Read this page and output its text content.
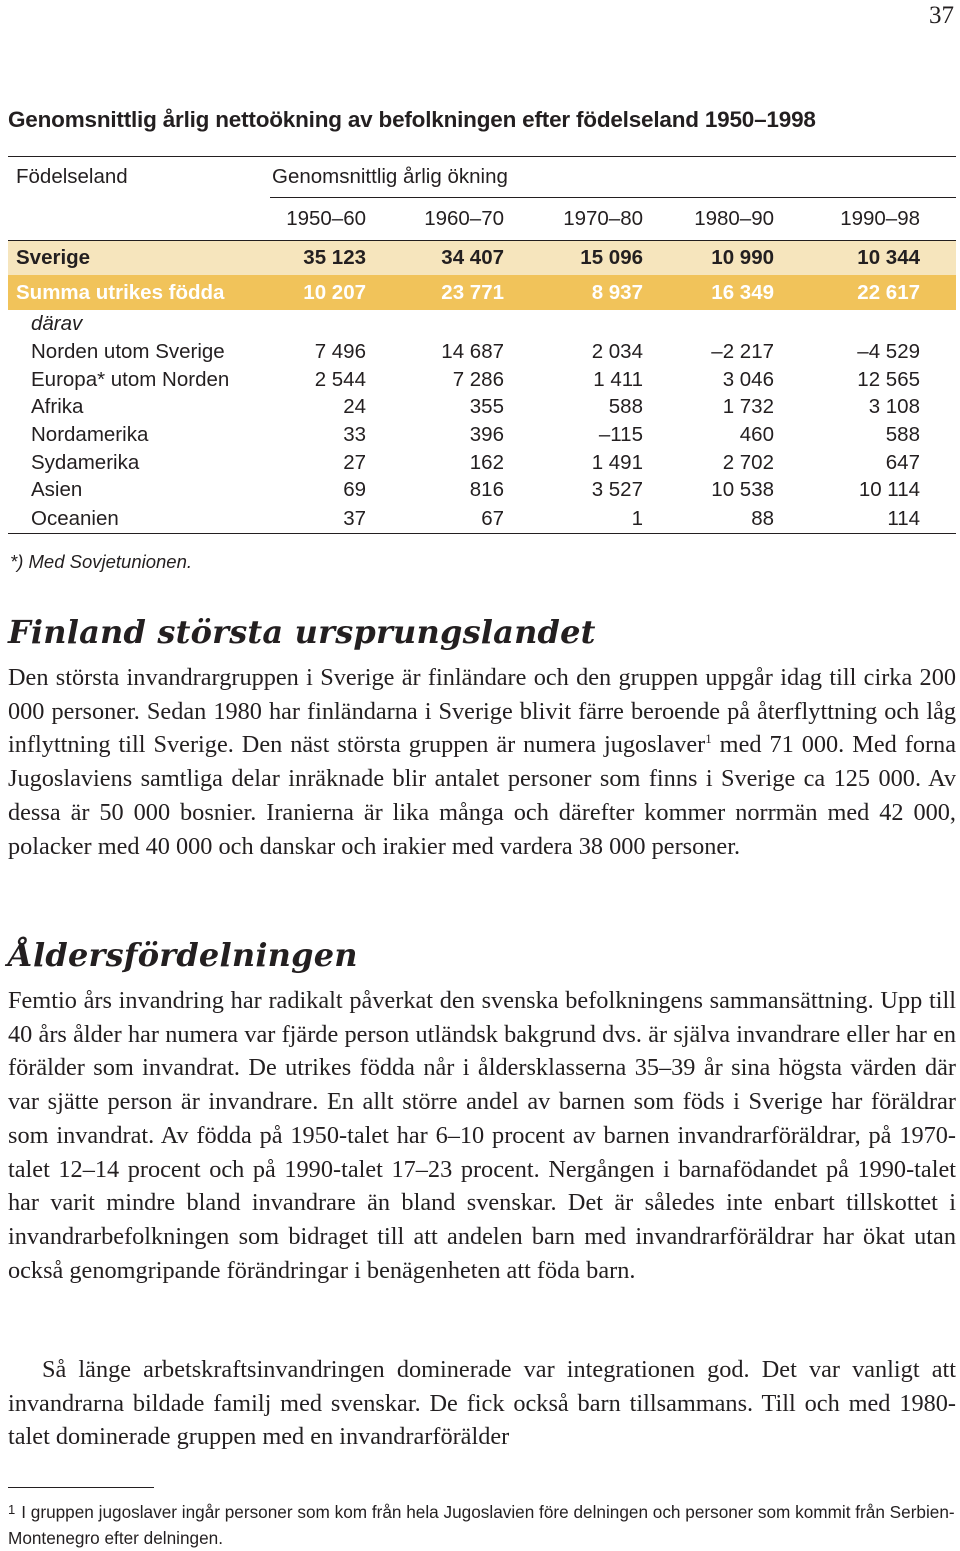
37
Genomsnittlig årlig nettoökning av befolkningen efter födelseland 1950–1998
Födelseland	Genomsnittlig årlig ökning				
	1950–60	1960–70	1970–80	1980–90	1990–98
Sverige	35 123	34 407	15 096	10 990	10 344
Summa utrikes födda	10 207	23 771	8 937	16 349	22 617
därav					
Norden utom Sverige	7 496	14 687	2 034	–2 217	–4 529
Europa* utom Norden	2 544	7 286	1 411	3 046	12 565
Afrika	24	355	588	1 732	3 108
Nordamerika	33	396	–115	460	588
Sydamerika	27	162	1 491	2 702	647
Asien	69	816	3 527	10 538	10 114
Oceanien	37	67	1	88	114
*) Med Sovjetunionen.
Finland största ursprungslandet

Den största invandrargruppen i Sverige är finländare och den gruppen uppgår idag till cirka 200 000 personer. Sedan 1980 har finländarna i Sverige blivit färre beroende på återflyttning och låg inflyttning till Sverige. Den näst största gruppen är numera jugoslaver$^1$ med 71 000. Med forna Jugoslaviens samtliga delar inräknade blir antalet personer som finns i Sverige ca 125 000. Av dessa är 50 000 bosnier. Iranierna är lika många och därefter kommer norrmän med 42 000, polacker med 40 000 och danskar och irakier med vardera 38 000 personer.

Åldersfördelningen

Femtio års invandring har radikalt påverkat den svenska befolkningens sammansättning. Upp till 40 års ålder har numera var fjärde person utländsk bakgrund dvs. är själva invandrare eller har en förälder som invandrat. De utrikes födda når i åldersklasserna 35–39 år sina högsta värden där var sjätte person är invandrare. En allt större andel av barnen som föds i Sverige har föräldrar som invandrat. Av födda på 1950-talet har 6–10 procent av barnen invandrarföräldrar, på 1970-talet 12–14 procent och på 1990-talet 17–23 procent. Nergången i barnafödandet på 1990-talet har varit mindre bland invandrare än bland svenskar. Det är således inte enbart tillskottet i invandrarbefolkningen som bidraget till att andelen barn med invandrarföräldrar har ökat utan också genomgripande förändringar i benägenheten att föda barn.

Så länge arbetskraftsinvandringen dominerade var integrationen god. Det var vanligt att invandrarna bildade familj med svenskar. De fick också barn tillsammans. Till och med 1980-talet dominerade gruppen med en invandrarförälder

$^1$ I gruppen jugoslaver ingår personer som kom från hela Jugoslavien före delningen och personer som kommit från Serbien-Montenegro efter delningen.
